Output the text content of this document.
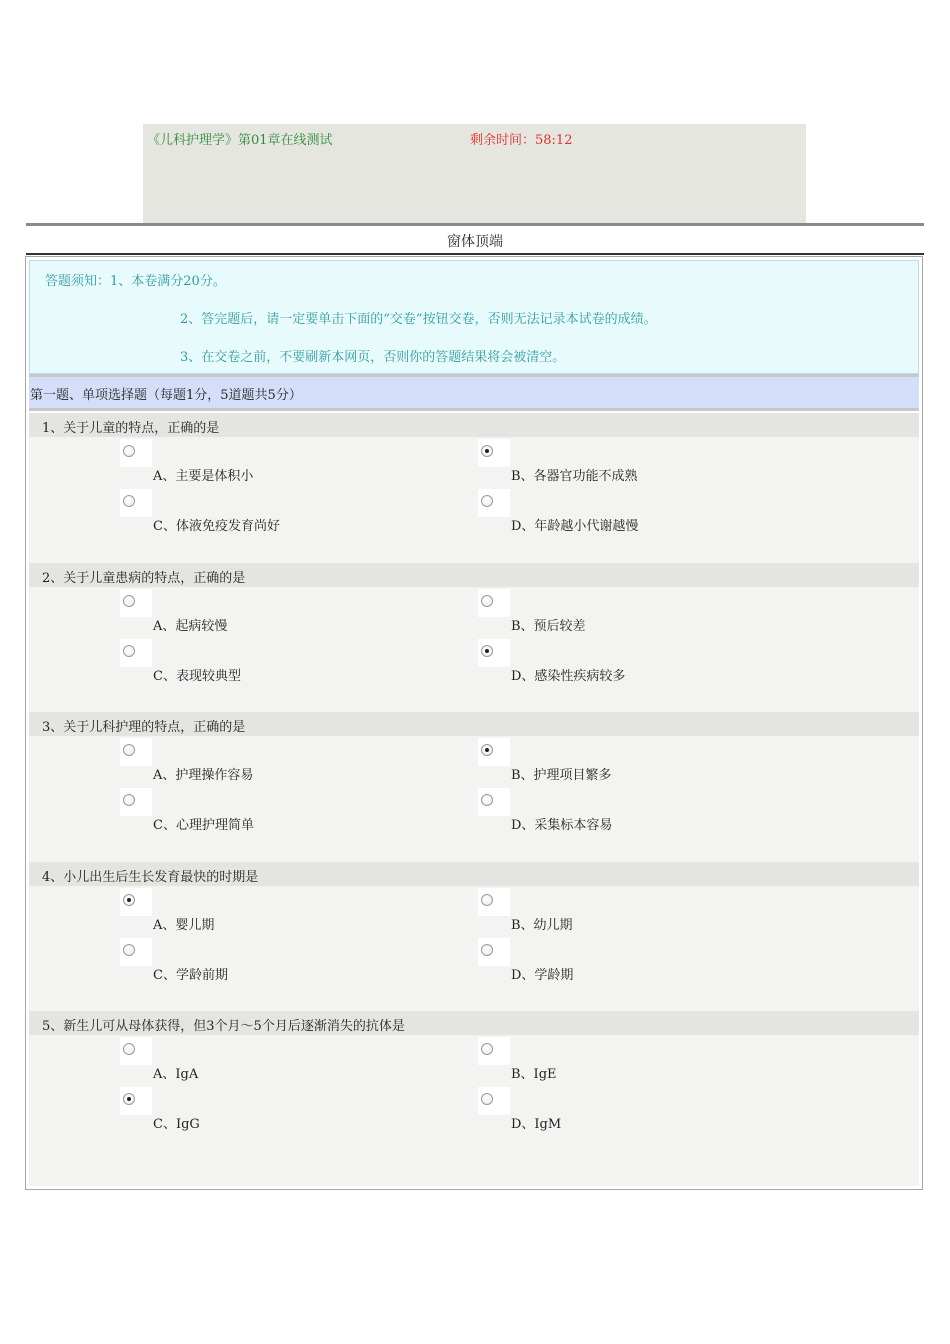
《儿科护理学》第01章在线测试	剩余时间：58:12
窗体顶端
答题须知：1、本卷满分20分。
2、答完题后，请一定要单击下面的“交卷”按钮交卷，否则无法记录本试卷的成绩。
3、在交卷之前，不要刷新本网页，否则你的答题结果将会被清空。
第一题、单项选择题（每题1分，5道题共5分）
1、关于儿童的特点，正确的是
A、主要是体积小	B、各器官功能不成熟
C、体液免疫发育尚好	D、年龄越小代谢越慢
2、关于儿童患病的特点，正确的是
A、起病较慢	B、预后较差
C、表现较典型	D、感染性疾病较多
3、关于儿科护理的特点，正确的是
A、护理操作容易	B、护理项目繁多
C、心理护理简单	D、采集标本容易
4、小儿出生后生长发育最快的时期是
A、婴儿期	B、幼儿期
C、学龄前期	D、学龄期
5、新生儿可从母体获得，但3个月～5个月后逐渐消失的抗体是
A、IgA	B、IgE
C、IgG	D、IgM
